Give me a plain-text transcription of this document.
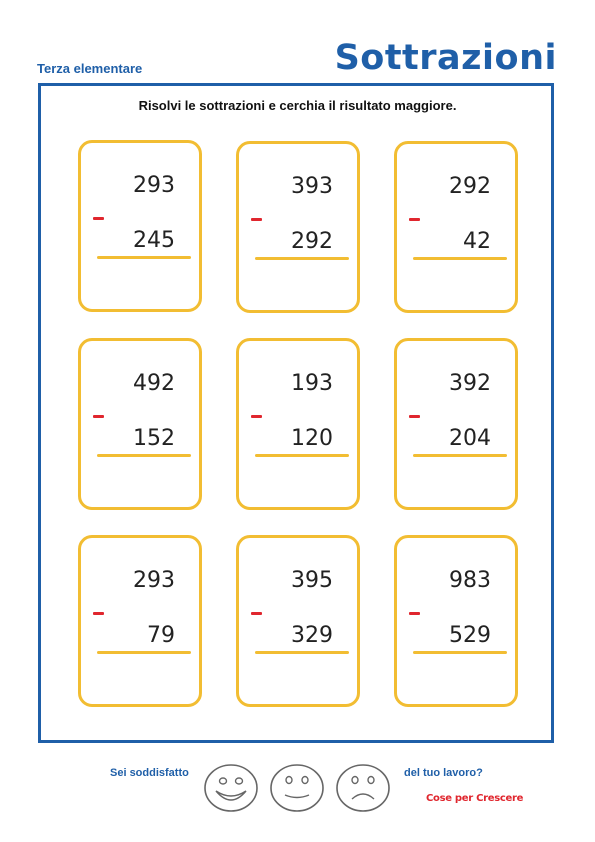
Terza elementare	Sottrazioni
Risolvi le sottrazioni e cerchia il risultato maggiore.
293
245
393
292
292
42
492
152
193
120
392
204
293
79
395
329
983
529
Sei soddisfatto	del tuo lavoro?
Cose per Crescere
